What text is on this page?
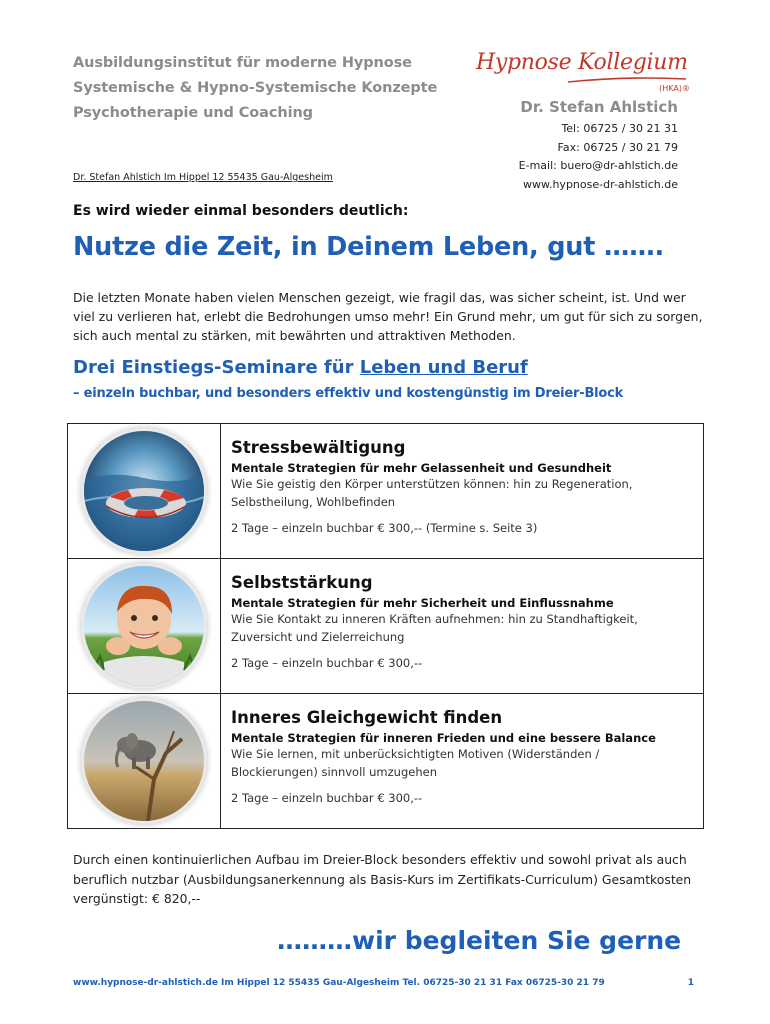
Ausbildungsinstitut für moderne Hypnose
Systemische & Hypno-Systemische Konzepte
Psychotherapie und Coaching
Hypnose Kollegium
(HKA)®
Dr. Stefan Ahlstich
Tel: 06725 / 30 21 31
Fax: 06725 / 30 21 79
E-mail: buero@dr-ahlstich.de
www.hypnose-dr-ahlstich.de
Dr. Stefan Ahlstich Im Hippel 12 55435 Gau-Algesheim
Es wird wieder einmal besonders deutlich:
Nutze die Zeit, in Deinem Leben, gut …….
Die letzten Monate haben vielen Menschen gezeigt, wie fragil das, was sicher scheint, ist. Und wer viel zu verlieren hat, erlebt die Bedrohungen umso mehr! Ein Grund mehr, um gut für sich zu sorgen, sich auch mental zu stärken, mit bewährten und attraktiven Methoden.
Drei Einstiegs-Seminare für Leben und Beruf
– einzeln buchbar, und besonders effektiv und kostengünstig im Dreier-Block
Stressbewältigung
Mentale Strategien für mehr Gelassenheit und Gesundheit
Wie Sie geistig den Körper unterstützen können: hin zu Regeneration, Selbstheilung, Wohlbefinden
2 Tage – einzeln buchbar € 300,-- (Termine s. Seite 3)
Selbststärkung
Mentale Strategien für mehr Sicherheit und Einflussnahme
Wie Sie Kontakt zu inneren Kräften aufnehmen: hin zu Standhaftigkeit, Zuversicht und Zielerreichung
2 Tage – einzeln buchbar € 300,--
Inneres Gleichgewicht finden
Mentale Strategien für inneren Frieden und eine bessere Balance
Wie Sie lernen, mit unberücksichtigten Motiven (Widerständen / Blockierungen) sinnvoll umzugehen
2 Tage – einzeln buchbar € 300,--
Durch einen kontinuierlichen Aufbau im Dreier-Block besonders effektiv und sowohl privat als auch beruflich nutzbar (Ausbildungsanerkennung als Basis-Kurs im Zertifikats-Curriculum) Gesamtkosten vergünstigt: € 820,--
………wir begleiten Sie gerne
www.hypnose-dr-ahlstich.de Im Hippel 12 55435 Gau-Algesheim Tel. 06725-30 21 31 Fax 06725-30 21 79	1
